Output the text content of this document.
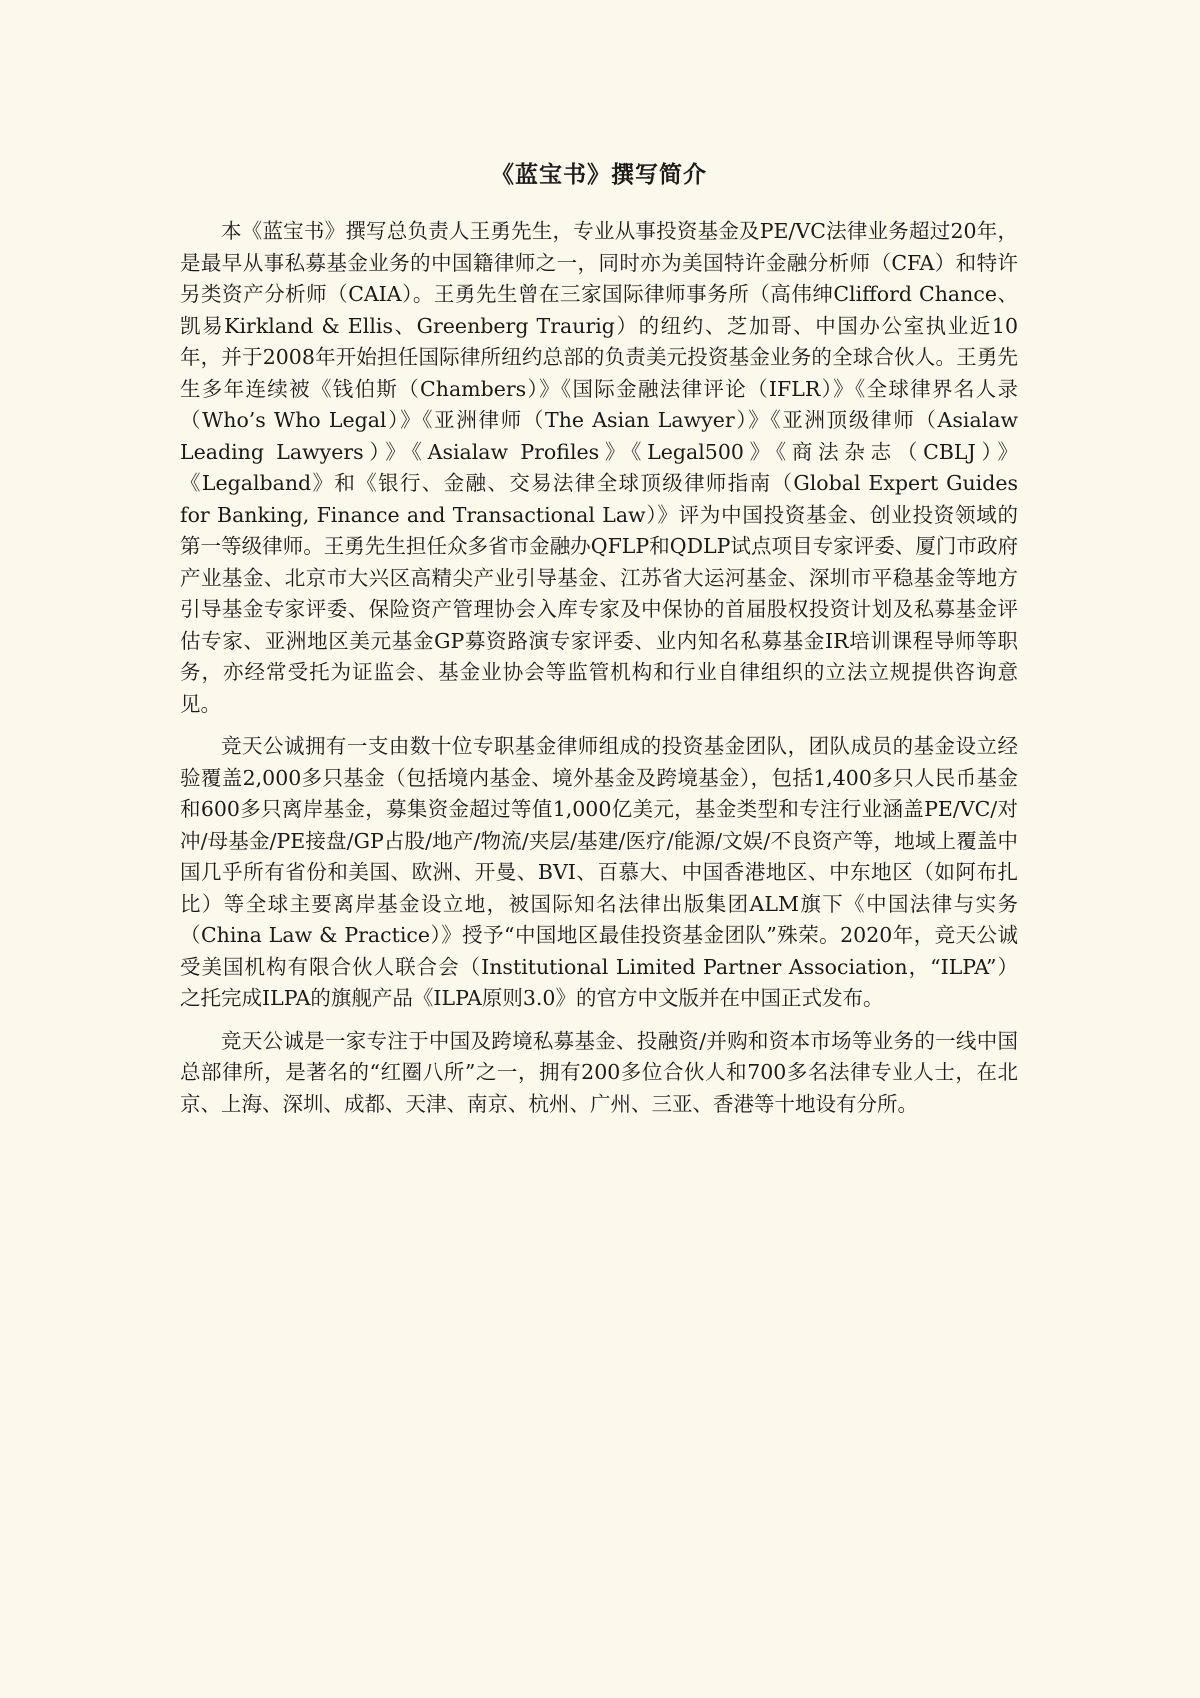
《蓝宝书》撰写简介

本《蓝宝书》撰写总负责人王勇先生，专业从事投资基金及PE/VC法律业务超过20年，是最早从事私募基金业务的中国籍律师之一，同时亦为美国特许金融分析师（CFA）和特许另类资产分析师（CAIA）。王勇先生曾在三家国际律师事务所（高伟绅Clifford Chance、凯易Kirkland & Ellis、Greenberg Traurig）的纽约、芝加哥、中国办公室执业近10年，并于2008年开始担任国际律所纽约总部的负责美元投资基金业务的全球合伙人。王勇先生多年连续被《钱伯斯（Chambers）》《国际金融法律评论（IFLR）》《全球律界名人录（Who’s Who Legal）》《亚洲律师（The Asian Lawyer）》《亚洲顶级律师（Asialaw Leading Lawyers）》《Asialaw Profiles》《Legal500》《商法杂志（CBLJ）》《Legalband》和《银行、金融、交易法律全球顶级律师指南（Global Expert Guides for Banking, Finance and Transactional Law）》评为中国投资基金、创业投资领域的第一等级律师。王勇先生担任众多省市金融办QFLP和QDLP试点项目专家评委、厦门市政府产业基金、北京市大兴区高精尖产业引导基金、江苏省大运河基金、深圳市平稳基金等地方引导基金专家评委、保险资产管理协会入库专家及中保协的首届股权投资计划及私募基金评估专家、亚洲地区美元基金GP募资路演专家评委、业内知名私募基金IR培训课程导师等职务，亦经常受托为证监会、基金业协会等监管机构和行业自律组织的立法立规提供咨询意见。

竞天公诚拥有一支由数十位专职基金律师组成的投资基金团队，团队成员的基金设立经验覆盖2,000多只基金（包括境内基金、境外基金及跨境基金），包括1,400多只人民币基金和600多只离岸基金，募集资金超过等值1,000亿美元，基金类型和专注行业涵盖PE/VC/对冲/母基金/PE接盘/GP占股/地产/物流/夹层/基建/医疗/能源/文娱/不良资产等，地域上覆盖中国几乎所有省份和美国、欧洲、开曼、BVI、百慕大、中国香港地区、中东地区（如阿布扎比）等全球主要离岸基金设立地，被国际知名法律出版集团ALM旗下《中国法律与实务（China Law & Practice）》授予“中国地区最佳投资基金团队”殊荣。2020年，竞天公诚受美国机构有限合伙人联合会（Institutional Limited Partner Association，“ILPA”）之托完成ILPA的旗舰产品《ILPA原则3.0》的官方中文版并在中国正式发布。

竞天公诚是一家专注于中国及跨境私募基金、投融资/并购和资本市场等业务的一线中国总部律所，是著名的“红圈八所”之一，拥有200多位合伙人和700多名法律专业人士，在北京、上海、深圳、成都、天津、南京、杭州、广州、三亚、香港等十地设有分所。
